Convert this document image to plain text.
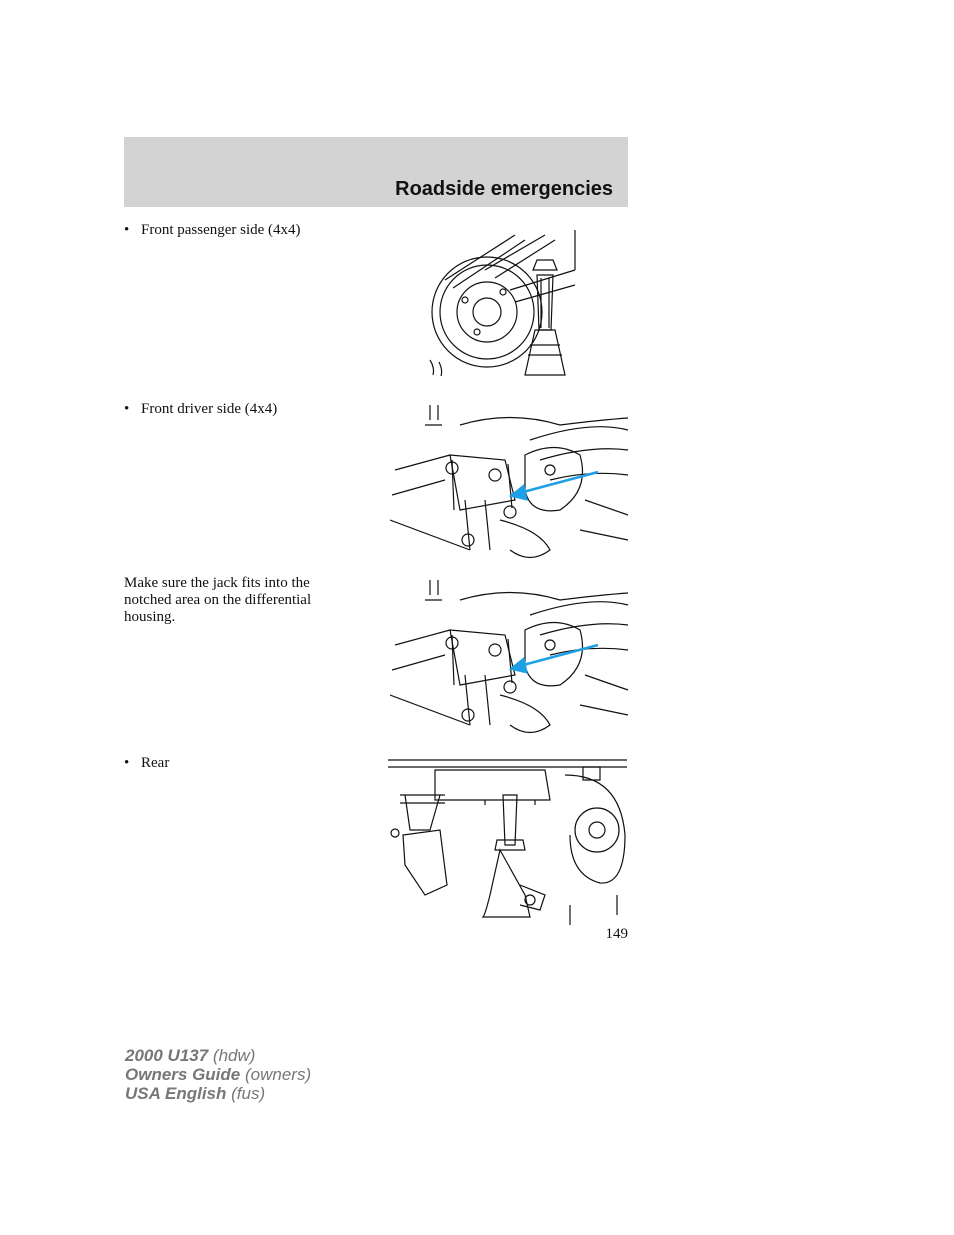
Roadside emergencies
• Front passenger side (4x4)
• Front driver side (4x4)
Make sure the jack fits into the notched area on the differential housing.
• Rear
149
2000 U137 (hdw)
Owners Guide (owners)
USA English (fus)
